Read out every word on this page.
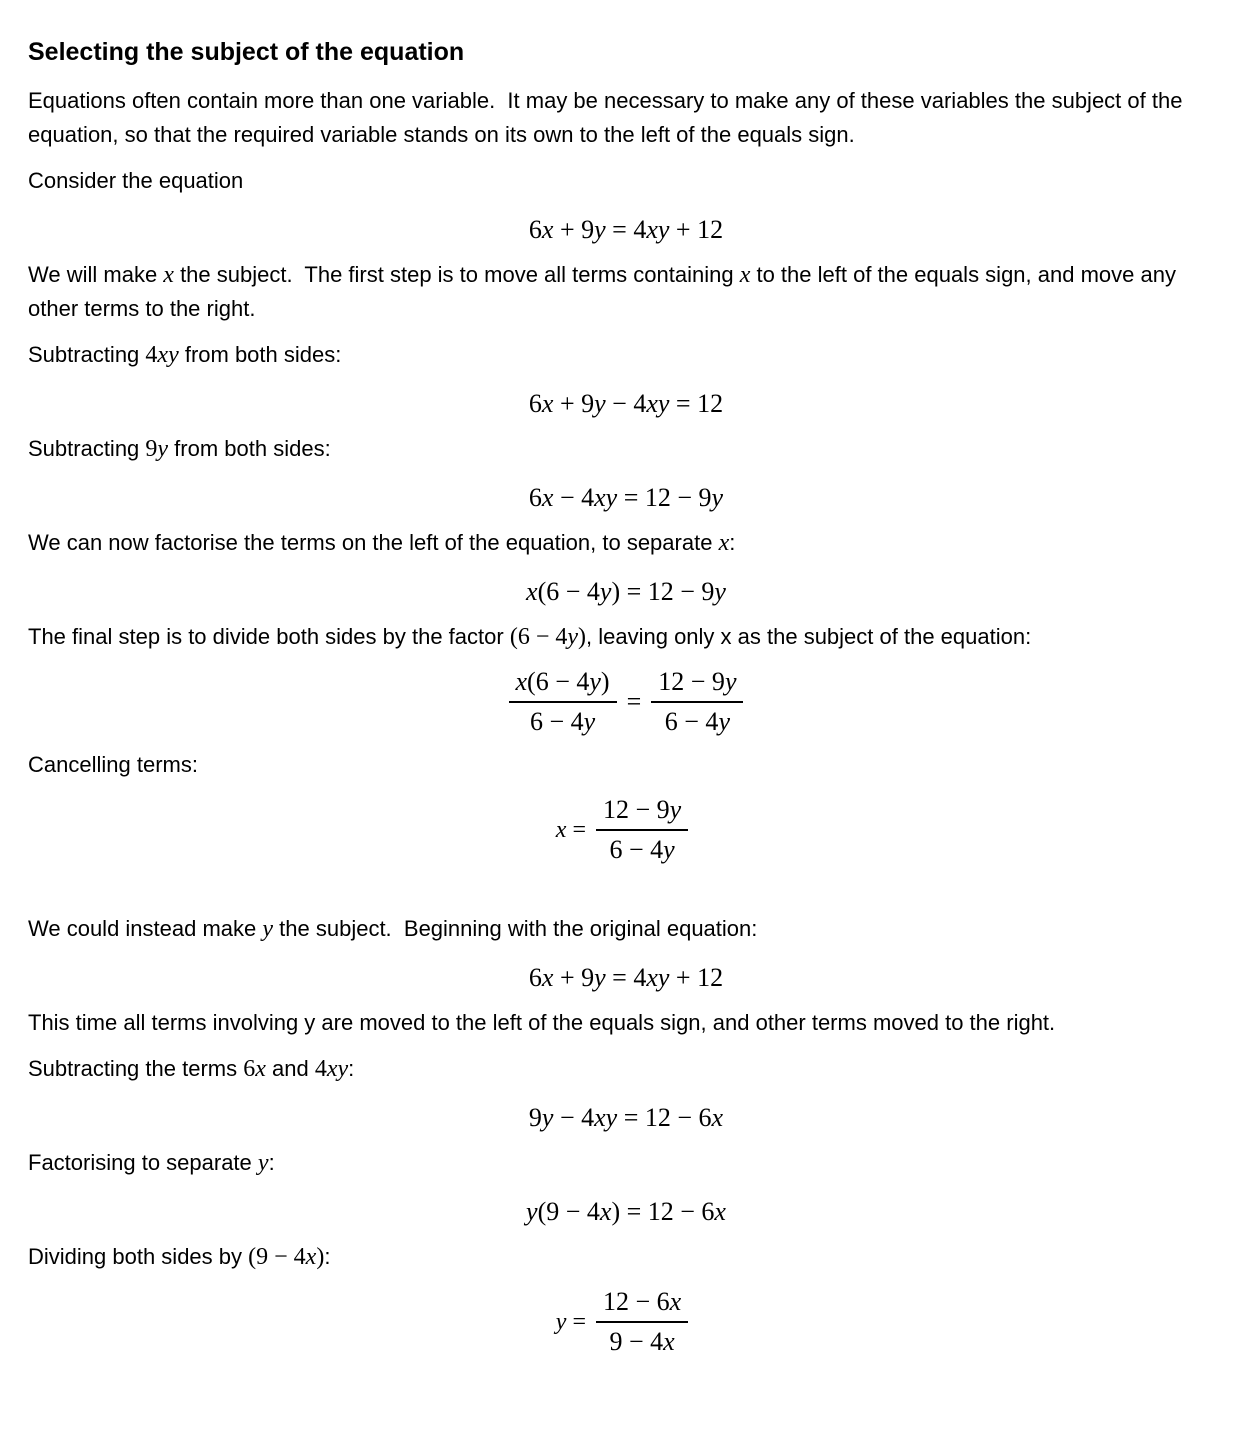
Selecting the subject of the equation

Equations often contain more than one variable.  It may be necessary to make any of these variables the subject of the equation, so that the required variable stands on its own to the left of the equals sign.

Consider the equation

6x + 9y = 4xy + 12

We will make x the subject.  The first step is to move all terms containing x to the left of the equals sign, and move any other terms to the right.

Subtracting 4xy from both sides:

6x + 9y − 4xy = 12

Subtracting 9y from both sides:

6x − 4xy = 12 − 9y

We can now factorise the terms on the left of the equation, to separate x:

x(6 − 4y) = 12 − 9y

The final step is to divide both sides by the factor (6 − 4y), leaving only x as the subject of the equation:

$\frac{x(6 - 4y)}{6 - 4y} = \frac{12 - 9y}{6 - 4y}$

Cancelling terms:

$x = \frac{12 - 9y}{6 - 4y}$

We could instead make y the subject.  Beginning with the original equation:

6x + 9y = 4xy + 12

This time all terms involving y are moved to the left of the equals sign, and other terms moved to the right.

Subtracting the terms 6x and 4xy:

9y − 4xy = 12 − 6x

Factorising to separate y:

y(9 − 4x) = 12 − 6x

Dividing both sides by (9 − 4x):

$y = \frac{12 - 6x}{9 - 4x}$
